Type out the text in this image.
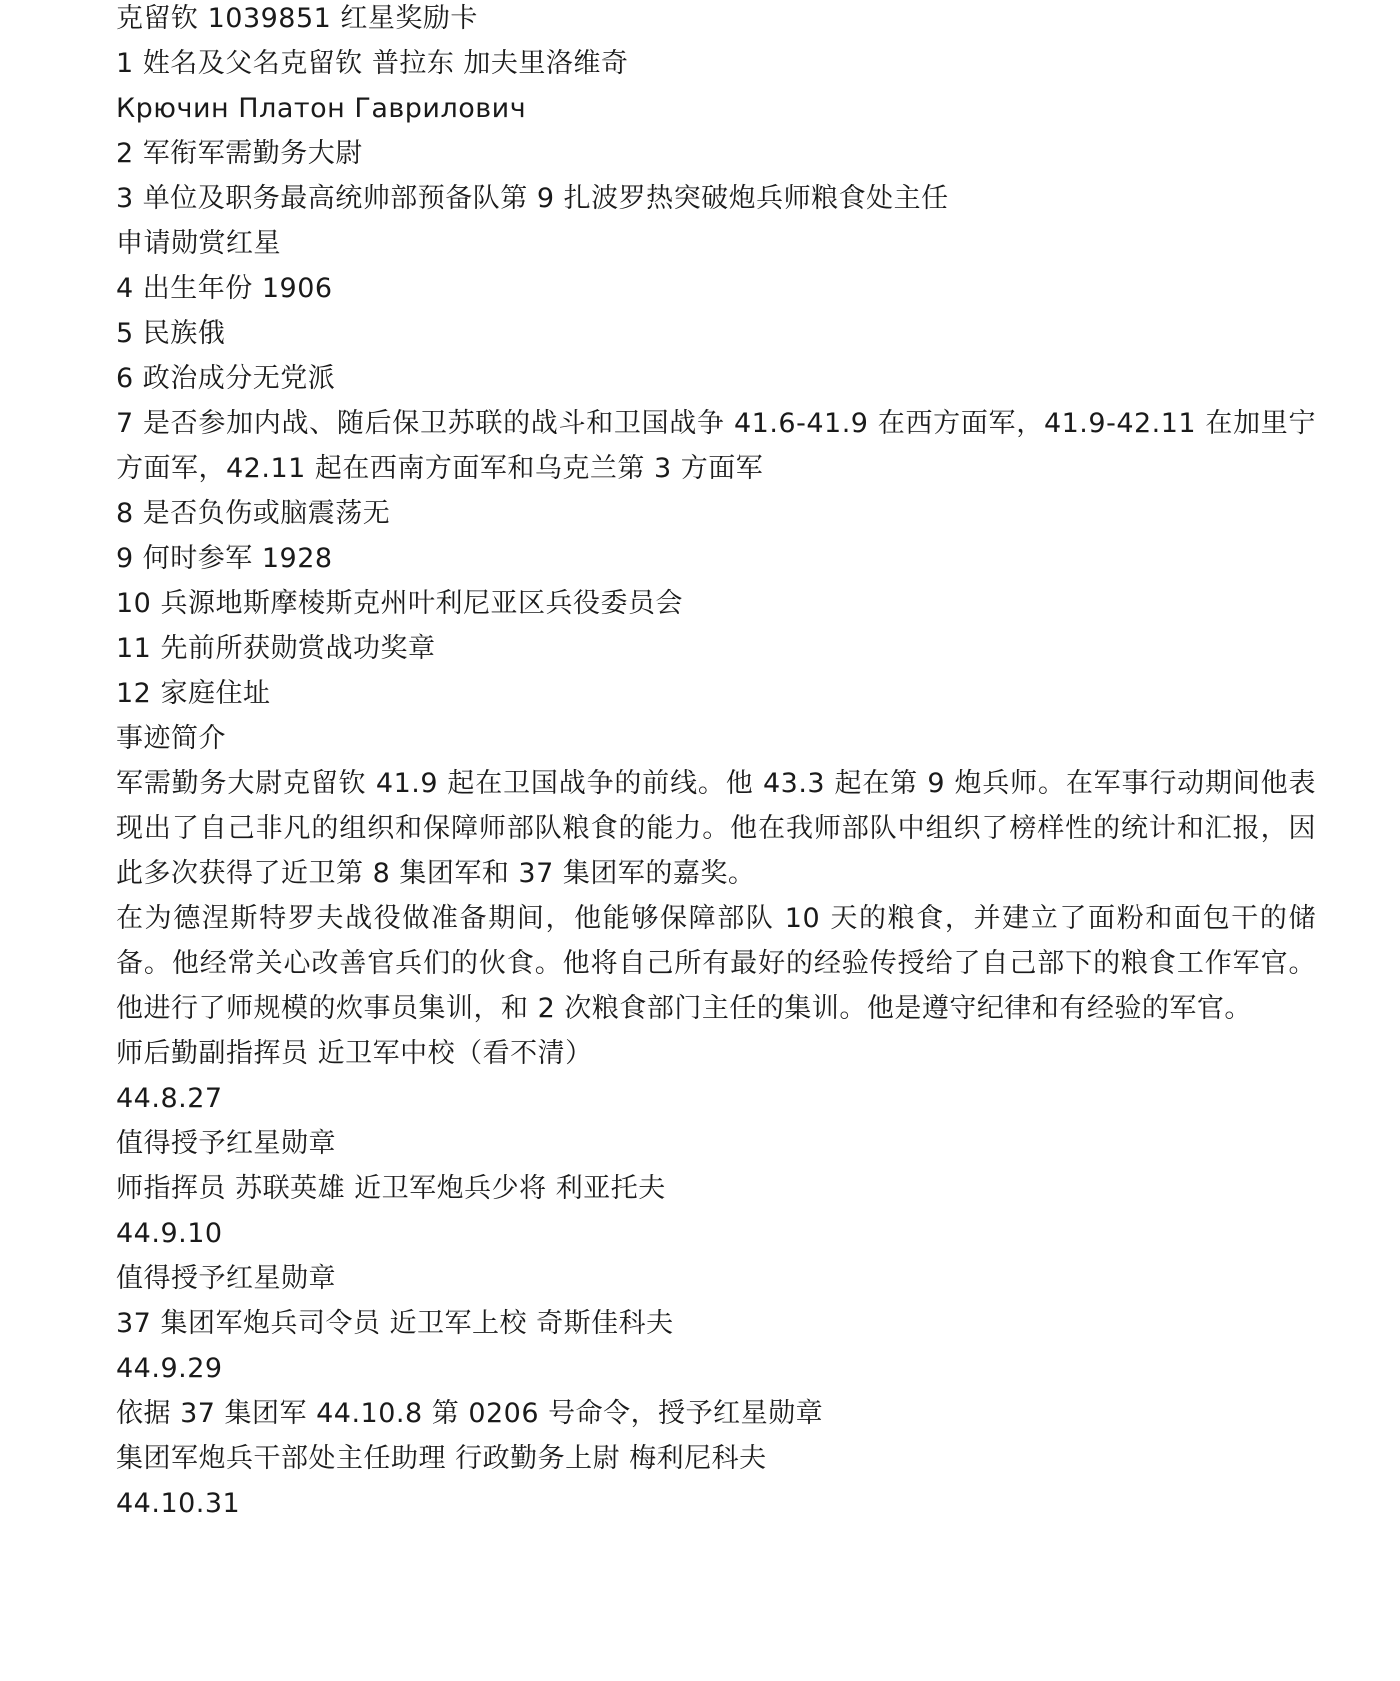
克留钦 1039851 红星奖励卡

1 姓名及父名克留钦 普拉东 加夫里洛维奇

Крючин Платон Гаврилович

2 军衔军需勤务大尉

3 单位及职务最高统帅部预备队第 9 扎波罗热突破炮兵师粮食处主任

申请勋赏红星

4 出生年份 1906

5 民族俄

6 政治成分无党派

7 是否参加内战、随后保卫苏联的战斗和卫国战争 41.6-41.9 在西方面军，41.9-42.11 在加里宁方面军，42.11 起在西南方面军和乌克兰第 3 方面军

8 是否负伤或脑震荡无

9 何时参军 1928

10 兵源地斯摩棱斯克州叶利尼亚区兵役委员会

11 先前所获勋赏战功奖章

12 家庭住址

事迹简介

军需勤务大尉克留钦 41.9 起在卫国战争的前线。他 43.3 起在第 9 炮兵师。在军事行动期间他表现出了自己非凡的组织和保障师部队粮食的能力。他在我师部队中组织了榜样性的统计和汇报，因此多次获得了近卫第 8 集团军和 37 集团军的嘉奖。

在为德涅斯特罗夫战役做准备期间，他能够保障部队 10 天的粮食，并建立了面粉和面包干的储备。他经常关心改善官兵们的伙食。他将自己所有最好的经验传授给了自己部下的粮食工作军官。他进行了师规模的炊事员集训，和 2 次粮食部门主任的集训。他是遵守纪律和有经验的军官。

师后勤副指挥员 近卫军中校（看不清）

44.8.27

值得授予红星勋章

师指挥员 苏联英雄 近卫军炮兵少将 利亚托夫

44.9.10

值得授予红星勋章

37 集团军炮兵司令员 近卫军上校 奇斯佳科夫

44.9.29

依据 37 集团军 44.10.8 第 0206 号命令，授予红星勋章

集团军炮兵干部处主任助理 行政勤务上尉 梅利尼科夫

44.10.31
